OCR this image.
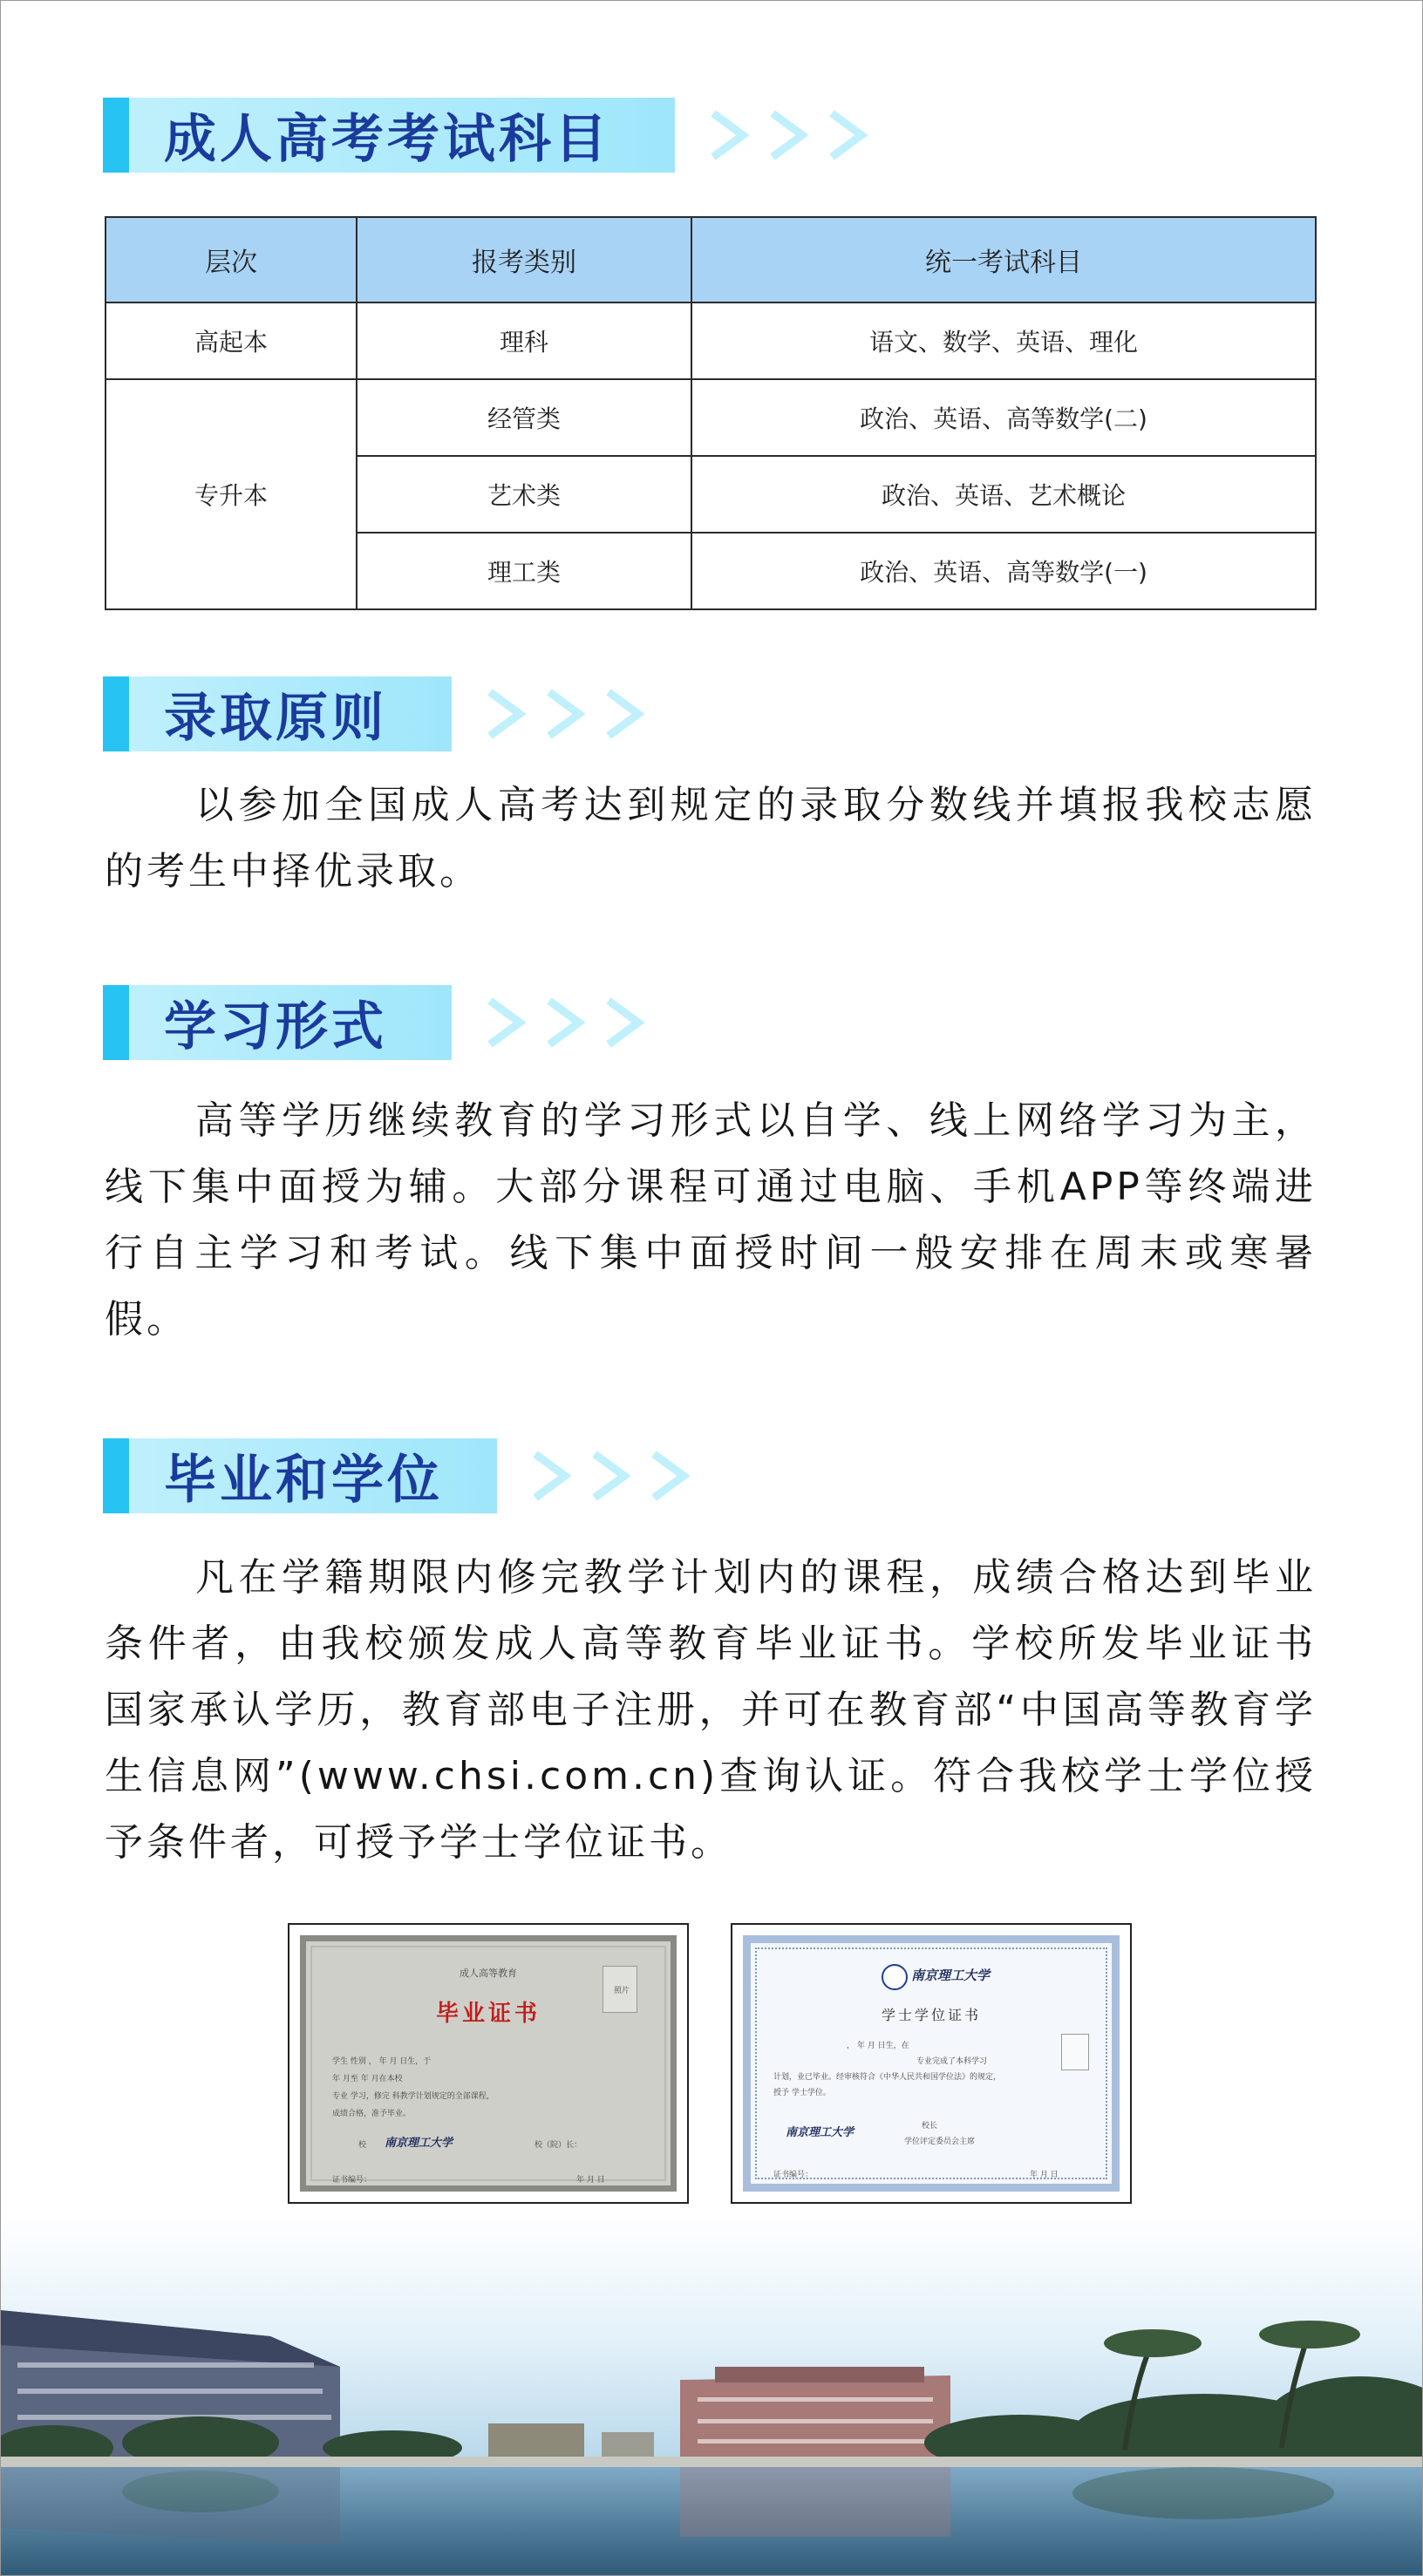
成人高考考试科目
层次	报考类别	统一考试科目
高起本	理科	语文、数学、英语、理化
专升本	经管类	政治、英语、高等数学(二)
	艺术类	政治、英语、艺术概论
	理工类	政治、英语、高等数学(一)
录取原则

以参加全国成人高考达到规定的录取分数线并填报我校志愿的考生中择优录取。

学习形式

高等学历继续教育的学习形式以自学、线上网络学习为主，线下集中面授为辅。大部分课程可通过电脑、手机APP等终端进行自主学习和考试。线下集中面授时间一般安排在周末或寒暑假。

毕业和学位

凡在学籍期限内修完教学计划内的课程，成绩合格达到毕业条件者，由我校颁发成人高等教育毕业证书。学校所发毕业证书国家承认学历，教育部电子注册，并可在教育部“中国高等教育学生信息网”(www.chsi.com.cn)查询认证。符合我校学士学位授予条件者，可授予学士学位证书。

成人高等教育
毕业证书
照片
学生 性别 ， 年 月 日生，于
年 月至 年 月在本校
专业 学习，修完 科教学计划规定的全部课程，
成绩合格，准予毕业。
校 南京理工大学	校（院）长：
证书编号：	年 月 日
南京理工大学
学士学位证书
， 年 月 日生，在
专业完成了本科学习
计划，业已毕业。经审核符合《中华人民共和国学位法》的规定，
授予 学士学位。
南京理工大学	校长
学位评定委员会主席
证书编号：	年 月 日
